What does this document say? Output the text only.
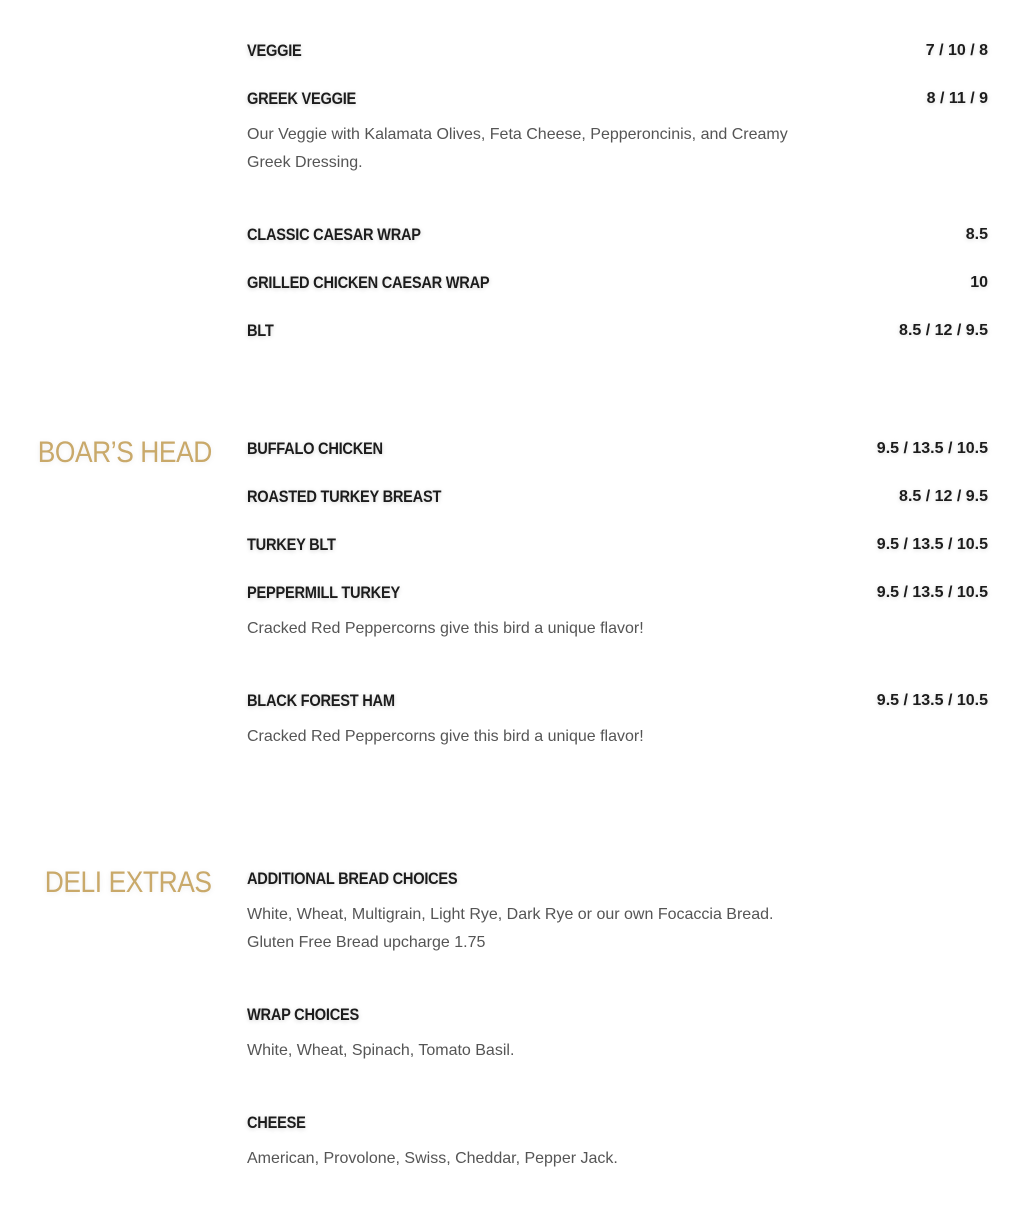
VEGGIE	7 / 10 / 8
GREEK VEGGIE	8 / 11 / 9
Our Veggie with Kalamata Olives, Feta Cheese, Pepperoncinis, and Creamy Greek Dressing.
CLASSIC CAESAR WRAP	8.5
GRILLED CHICKEN CAESAR WRAP	10
BLT	8.5 / 12 / 9.5
BOAR’S HEAD BUFFALO CHICKEN	9.5 / 13.5 / 10.5
ROASTED TURKEY BREAST	8.5 / 12 / 9.5
TURKEY BLT	9.5 / 13.5 / 10.5
PEPPERMILL TURKEY	9.5 / 13.5 / 10.5
Cracked Red Peppercorns give this bird a unique flavor!
BLACK FOREST HAM	9.5 / 13.5 / 10.5
Cracked Red Peppercorns give this bird a unique flavor!
DELI EXTRAS ADDITIONAL BREAD CHOICES
White, Wheat, Multigrain, Light Rye, Dark Rye or our own Focaccia Bread. Gluten Free Bread upcharge 1.75
WRAP CHOICES
White, Wheat, Spinach, Tomato Basil.
CHEESE
American, Provolone, Swiss, Cheddar, Pepper Jack.
